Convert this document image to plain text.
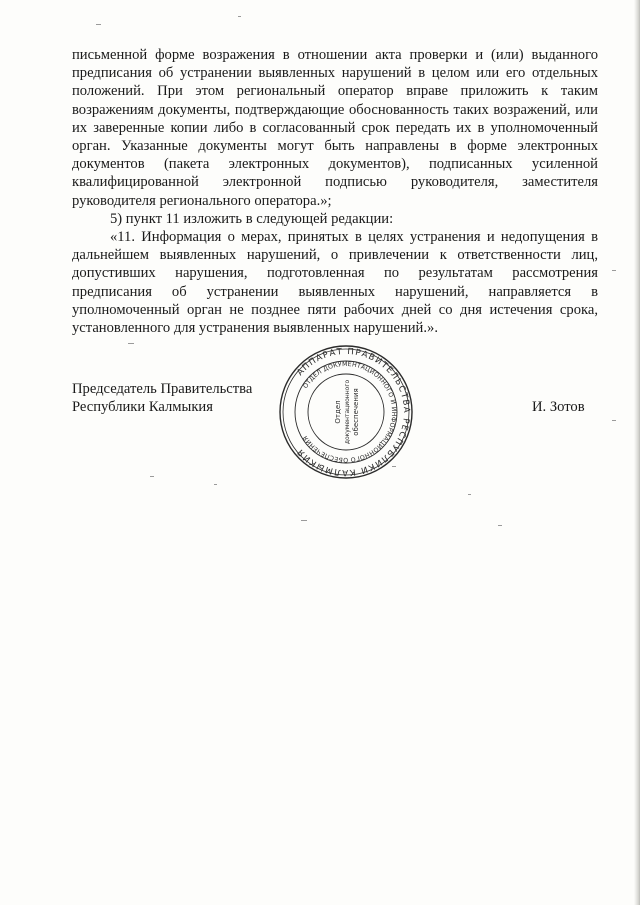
письменной форме возражения в отношении акта проверки и (или) выданного предписания об устранении выявленных нарушений в целом или его отдельных положений. При этом региональный оператор вправе приложить к таким возражениям документы, подтверждающие обоснованность таких возражений, или их заверенные копии либо в согласованный срок передать их в уполномоченный орган. Указанные документы могут быть направлены в форме электронных документов (пакета электронных документов), подписанных усиленной квалифицированной электронной подписью руководителя, заместителя руководителя регионального оператора.»;

5) пункт 11 изложить в следующей редакции:

«11. Информация о мерах, принятых в целях устранения и недопущения в дальнейшем выявленных нарушений, о привлечении к ответственности лиц, допустивших нарушения, подготовленная по результатам рассмотрения предписания об устранении выявленных нарушений, направляется в уполномоченный орган не позднее пяти рабочих дней со дня истечения срока, установленного для устранения выявленных нарушений.».

Председатель Правительства
Республики Калмыкия
АППАРАТ ПРАВИТЕЛЬСТВА РЕСПУБЛИКИ КАЛМЫКИЯ
ОТДЕЛ ДОКУМЕНТАЦИОННОГО И ИНФОРМАЦИОННОГО ОБЕСПЕЧЕНИЯ
Отдел документационного обеспечения	И. Зотов
